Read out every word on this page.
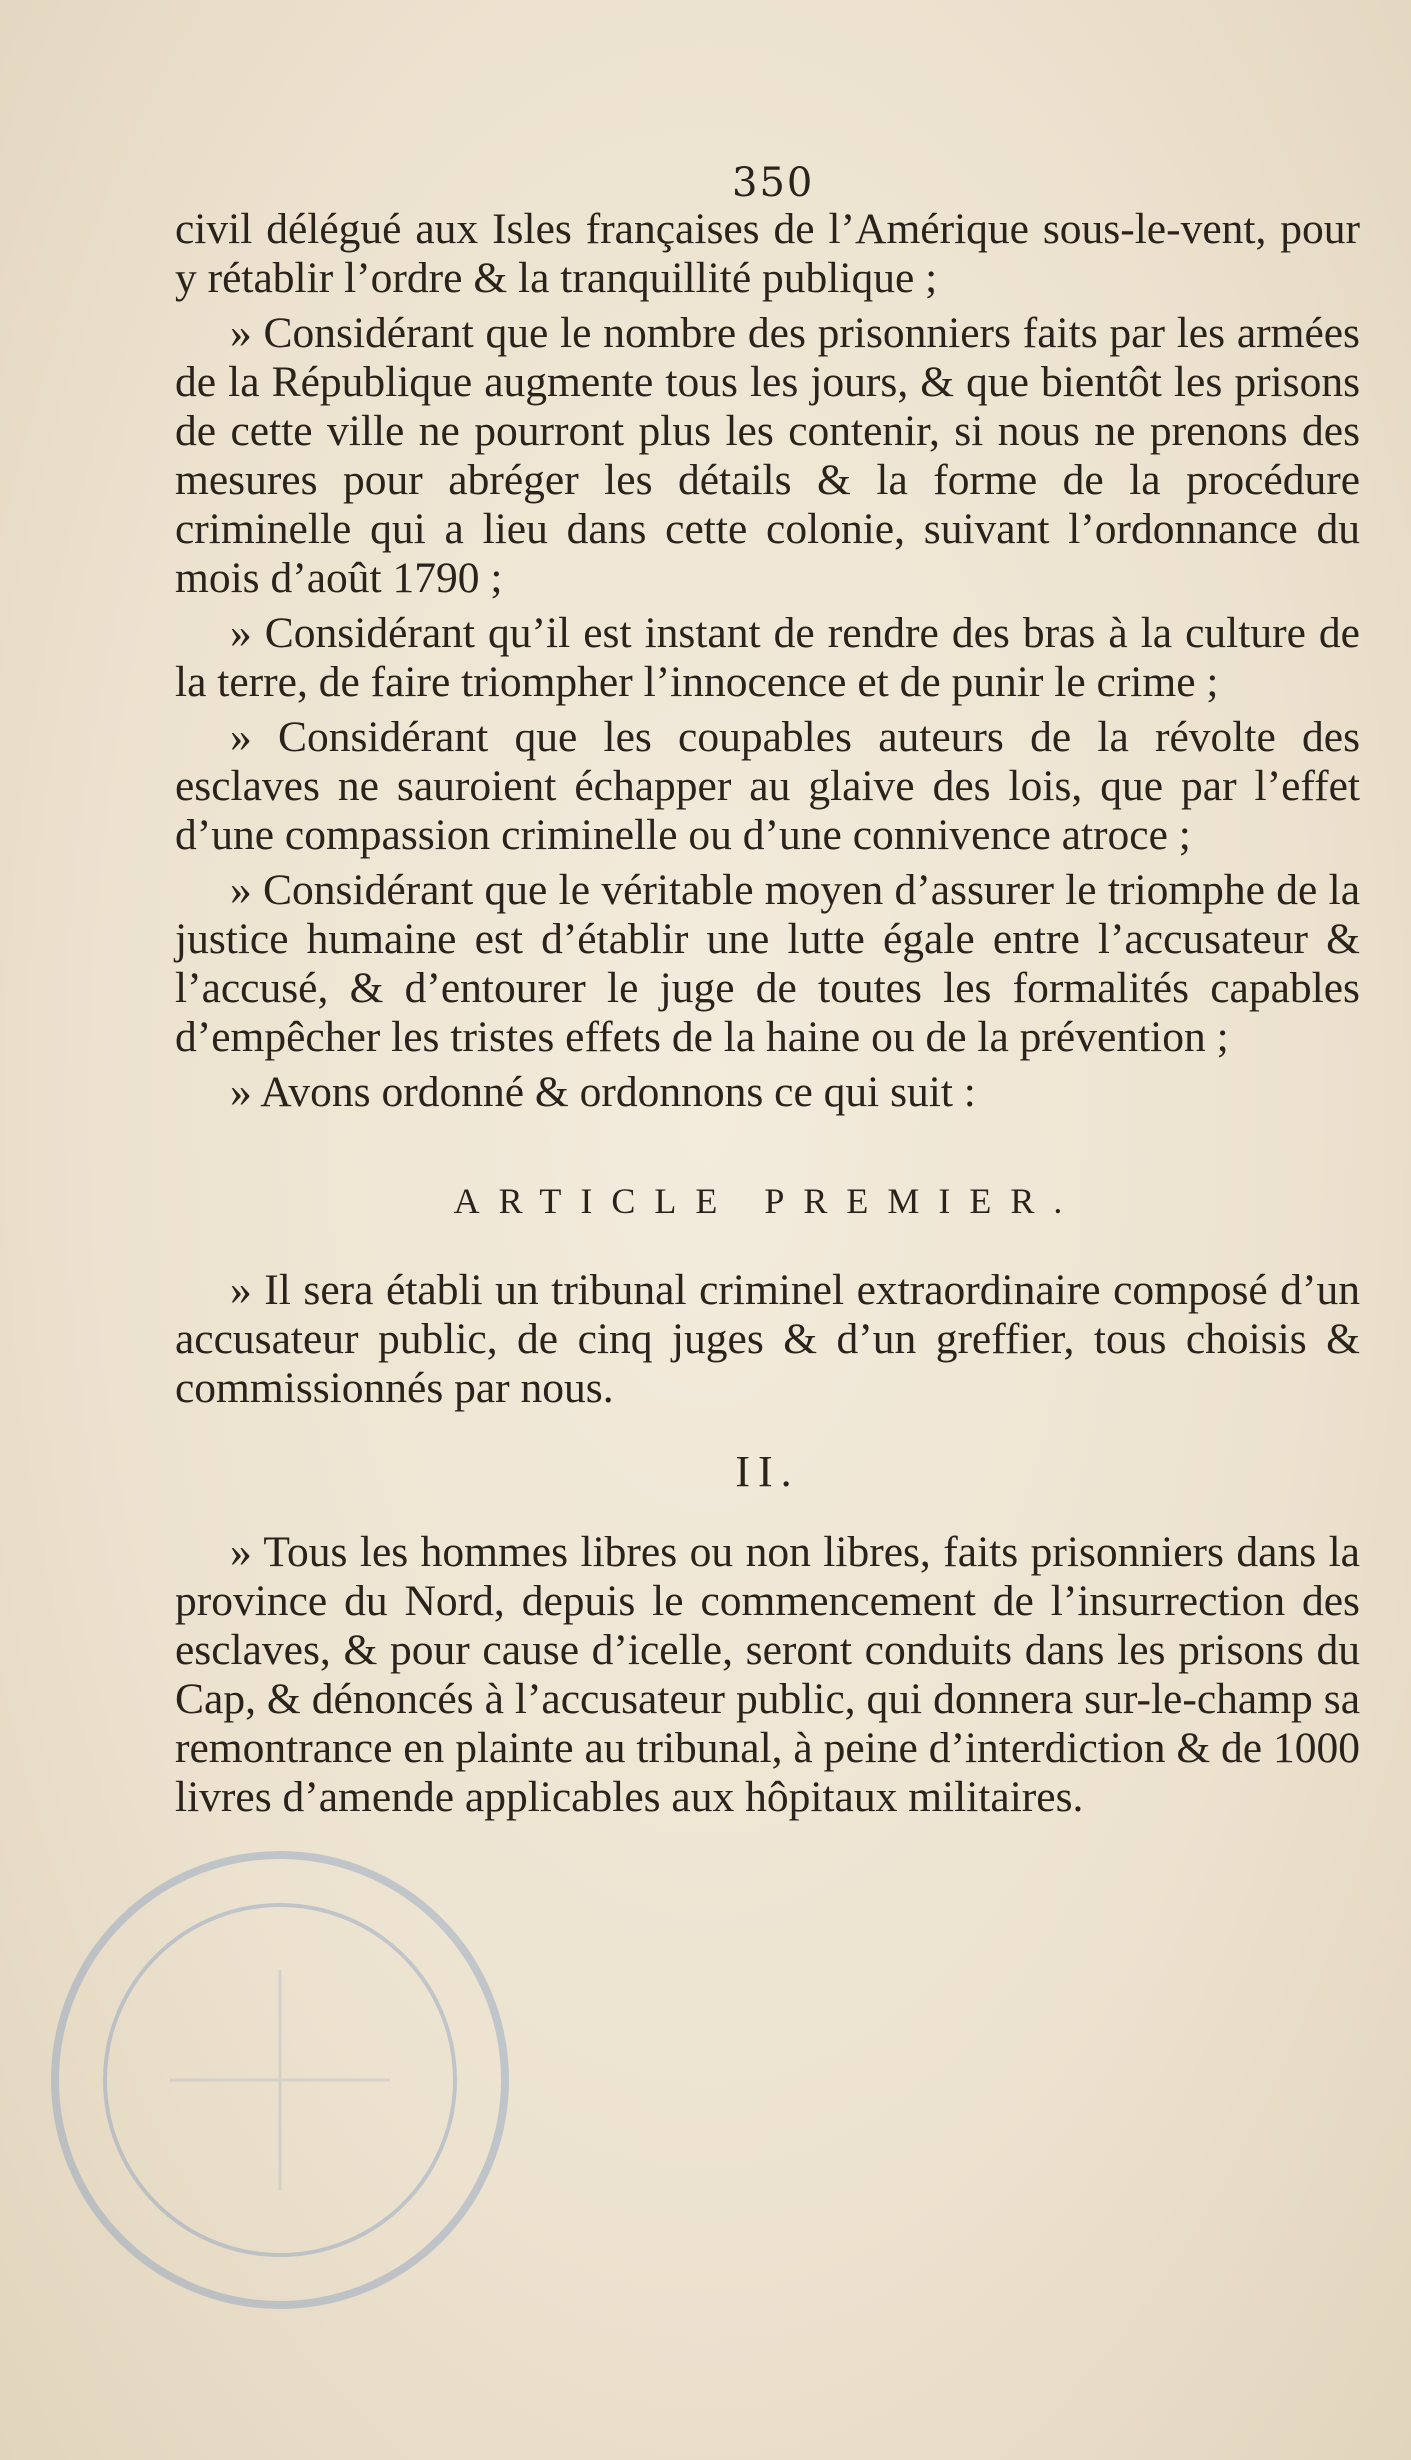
350

civil délégué aux Isles françaises de l’Amérique sous-le-vent, pour y rétablir l’ordre & la tranquillité publique ;

» Considérant que le nombre des prisonniers faits par les armées de la République augmente tous les jours, & que bientôt les prisons de cette ville ne pourront plus les contenir, si nous ne prenons des mesures pour abréger les détails & la forme de la procédure criminelle qui a lieu dans cette colonie, suivant l’ordonnance du mois d’août 1790 ;

» Considérant qu’il est instant de rendre des bras à la culture de la terre, de faire triompher l’innocence et de punir le crime ;

» Considérant que les coupables auteurs de la révolte des esclaves ne sauroient échapper au glaive des lois, que par l’effet d’une compassion criminelle ou d’une connivence atroce ;

» Considérant que le véritable moyen d’assurer le triomphe de la justice humaine est d’établir une lutte égale entre l’accusateur & l’accusé, & d’entourer le juge de toutes les formalités capables d’empêcher les tristes effets de la haine ou de la prévention ;

» Avons ordonné & ordonnons ce qui suit :

ARTICLE PREMIER.

» Il sera établi un tribunal criminel extraordinaire composé d’un accusateur public, de cinq juges & d’un greffier, tous choisis & commissionnés par nous.

II.

» Tous les hommes libres ou non libres, faits prisonniers dans la province du Nord, depuis le commencement de l’insurrection des esclaves, & pour cause d’icelle, seront conduits dans les prisons du Cap, & dénoncés à l’accusateur public, qui donnera sur-le-champ sa remontrance en plainte au tribunal, à peine d’interdiction & de 1000 livres d’amende applicables aux hôpitaux militaires.
